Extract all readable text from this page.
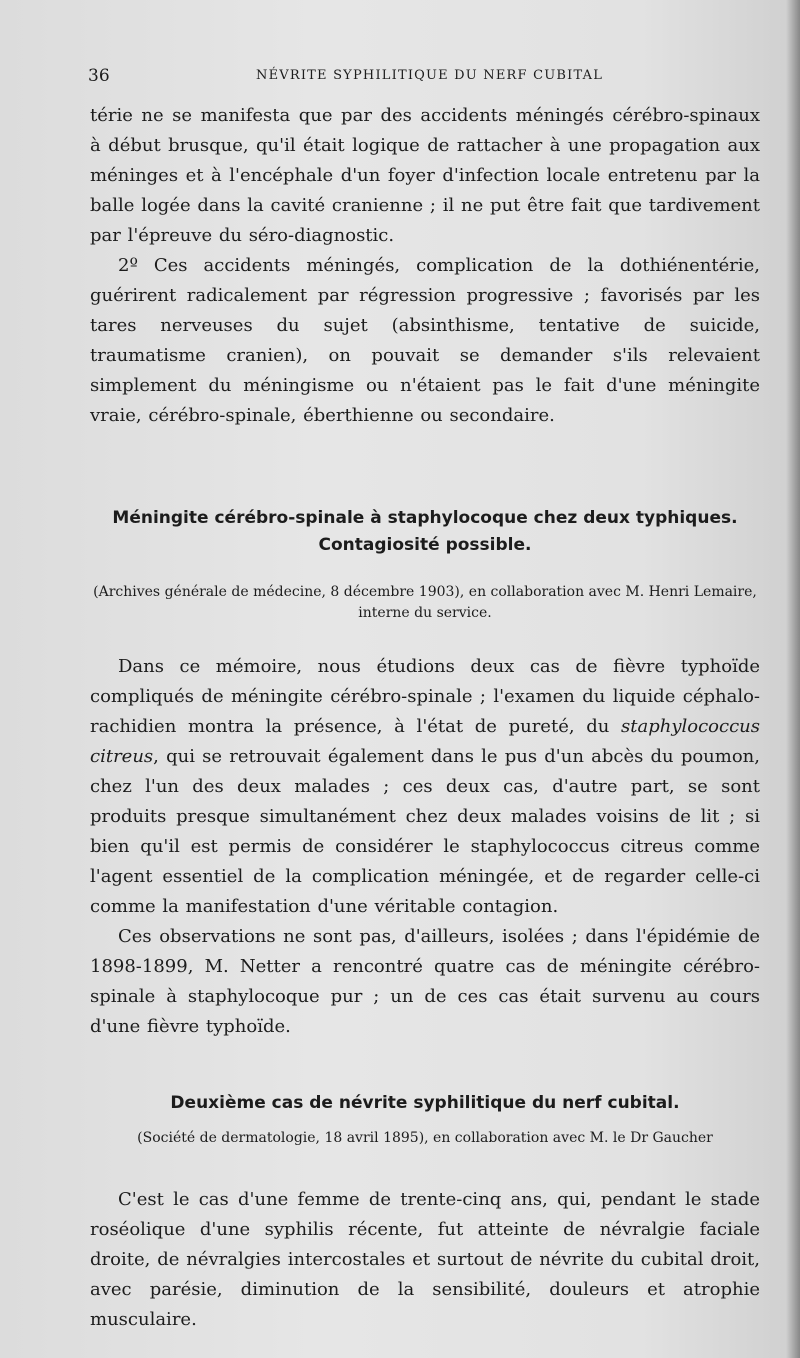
36	NÉVRITE SYPHILITIQUE DU NERF CUBITAL

térie ne se manifesta que par des accidents méningés cérébro-spinaux à début brusque, qu'il était logique de rattacher à une propagation aux méninges et à l'encéphale d'un foyer d'infection locale entretenu par la balle logée dans la cavité cranienne ; il ne put être fait que tardivement par l'épreuve du séro-diagnostic.

2º Ces accidents méningés, complication de la dothiénentérie, guérirent radicalement par régression progressive ; favorisés par les tares nerveuses du sujet (absinthisme, tentative de suicide, traumatisme cranien), on pouvait se demander s'ils relevaient simplement du méningisme ou n'étaient pas le fait d'une méningite vraie, cérébro-spinale, éberthienne ou secondaire.

Méningite cérébro-spinale à staphylocoque chez deux typhiques.
Contagiosité possible.
(Archives générale de médecine, 8 décembre 1903), en collaboration avec M. Henri Lemaire,
interne du service.

Dans ce mémoire, nous étudions deux cas de fièvre typhoïde compliqués de méningite cérébro-spinale ; l'examen du liquide céphalo-rachidien montra la présence, à l'état de pureté, du staphylococcus citreus, qui se retrouvait également dans le pus d'un abcès du poumon, chez l'un des deux malades ; ces deux cas, d'autre part, se sont produits presque simultanément chez deux malades voisins de lit ; si bien qu'il est permis de considérer le staphylococcus citreus comme l'agent essentiel de la complication méningée, et de regarder celle-ci comme la manifestation d'une véritable contagion.

Ces observations ne sont pas, d'ailleurs, isolées ; dans l'épidémie de 1898-1899, M. Netter a rencontré quatre cas de méningite cérébro-spinale à staphylocoque pur ; un de ces cas était survenu au cours d'une fièvre typhoïde.

Deuxième cas de névrite syphilitique du nerf cubital.
(Société de dermatologie, 18 avril 1895), en collaboration avec M. le Dr Gaucher

C'est le cas d'une femme de trente-cinq ans, qui, pendant le stade roséolique d'une syphilis récente, fut atteinte de névralgie faciale droite, de névralgies intercostales et surtout de névrite du cubital droit, avec parésie, diminution de la sensibilité, douleurs et atrophie musculaire.
